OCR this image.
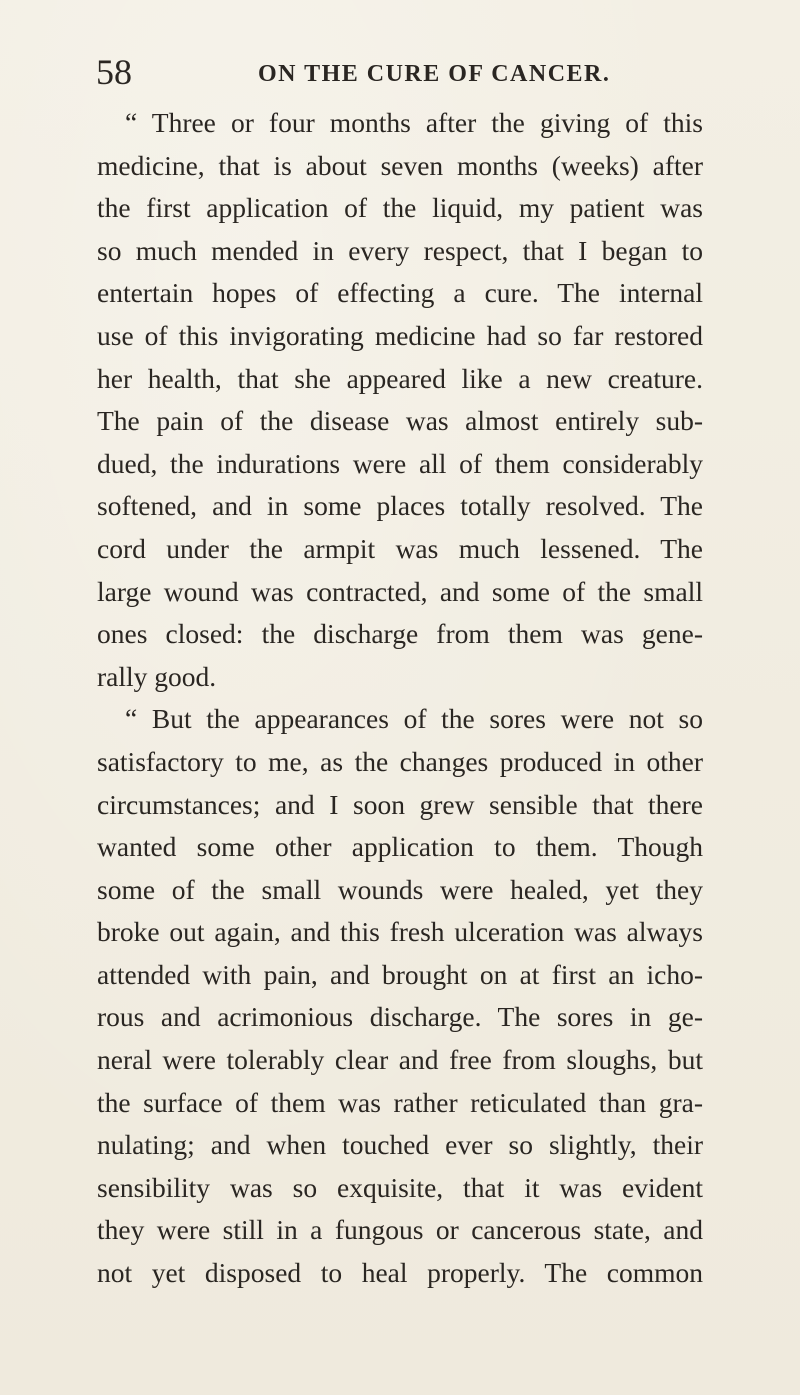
58	ON THE CURE OF CANCER.
“ Three or four months after the giving of this
medicine, that is about seven months (weeks) after
the first application of the liquid, my patient was
so much mended in every respect, that I began to
entertain hopes of effecting a cure. The internal
use of this invigorating medicine had so far restored
her health, that she appeared like a new creature.
The pain of the disease was almost entirely sub-
dued, the indurations were all of them considerably
softened, and in some places totally resolved. The
cord under the armpit was much lessened. The
large wound was contracted, and some of the small
ones closed: the discharge from them was gene-
rally good.
“ But the appearances of the sores were not so
satisfactory to me, as the changes produced in other
circumstances; and I soon grew sensible that there
wanted some other application to them. Though
some of the small wounds were healed, yet they
broke out again, and this fresh ulceration was always
attended with pain, and brought on at first an icho-
rous and acrimonious discharge. The sores in ge-
neral were tolerably clear and free from sloughs, but
the surface of them was rather reticulated than gra-
nulating; and when touched ever so slightly, their
sensibility was so exquisite, that it was evident
they were still in a fungous or cancerous state, and
not yet disposed to heal properly. The common
